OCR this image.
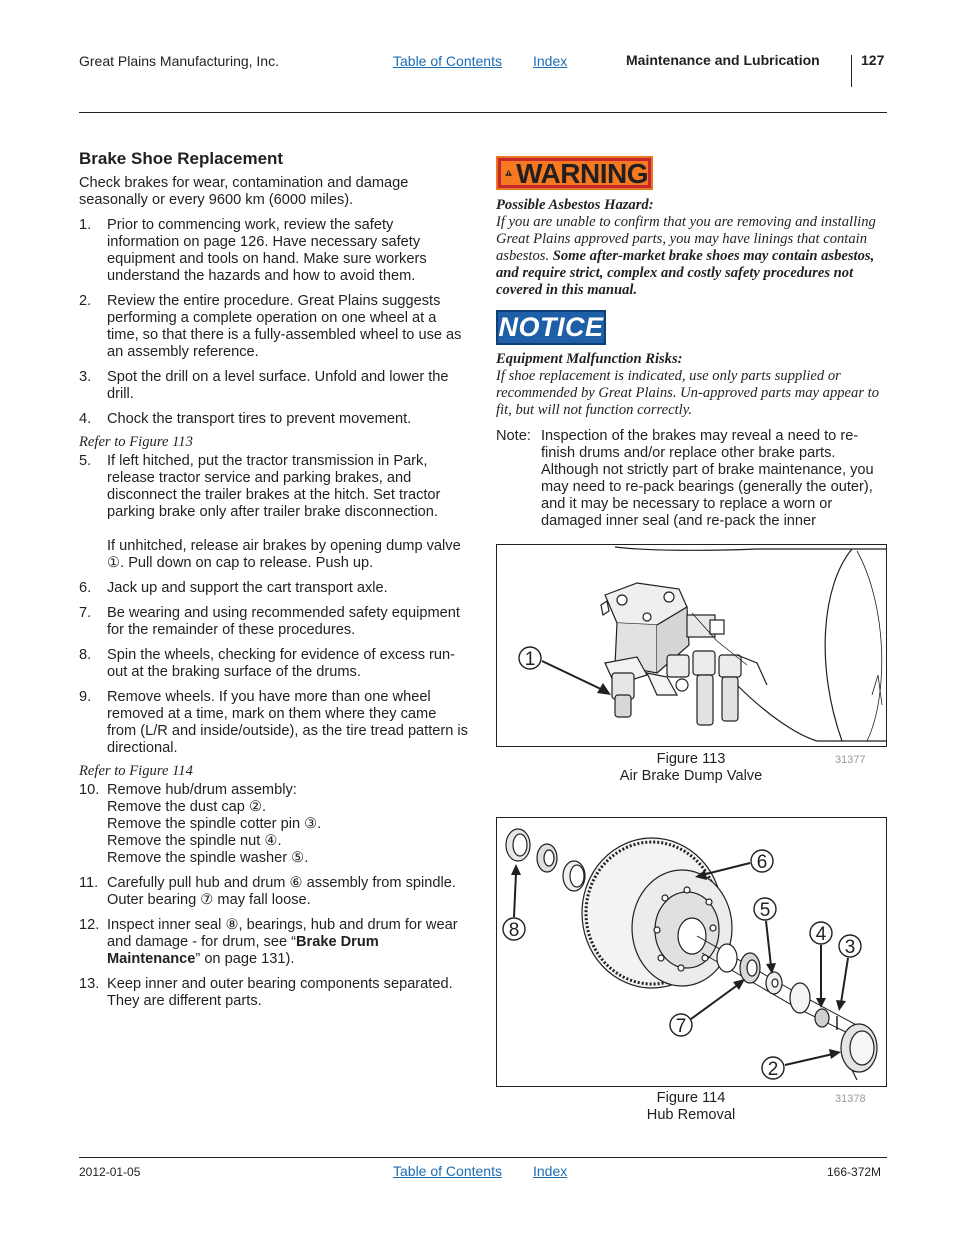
Great Plains Manufacturing, Inc.	Table of Contents Index	Maintenance and Lubrication	127
Brake Shoe Replacement

Check brakes for wear, contamination and damage seasonally or every 9600 km (6000 miles).

1. Prior to commencing work, review the safety information on page 126. Have necessary safety equipment and tools on hand. Make sure workers understand the hazards and how to avoid them.
2. Review the entire procedure. Great Plains suggests performing a complete operation on one wheel at a time, so that there is a fully-assembled wheel to use as an assembly reference.
3. Spot the drill on a level surface. Unfold and lower the drill.
4. Chock the transport tires to prevent movement.
Refer to Figure 113
5. If left hitched, put the tractor transmission in Park, release tractor service and parking brakes, and disconnect the trailer brakes at the hitch. Set tractor parking brake only after trailer brake disconnection.
If unhitched, release air brakes by opening dump valve ①. Pull down on cap to release. Push up.
6. Jack up and support the cart transport axle.
7. Be wearing and using recommended safety equipment for the remainder of these procedures.
8. Spin the wheels, checking for evidence of excess run-out at the braking surface of the drums.
9. Remove wheels. If you have more than one wheel removed at a time, mark on them where they came from (L/R and inside/outside), as the tire tread pattern is directional.
Refer to Figure 114
10. Remove hub/drum assembly:
Remove the dust cap ②.
Remove the spindle cotter pin ③.
Remove the spindle nut ④.
Remove the spindle washer ⑤.
11. Carefully pull hub and drum ⑥ assembly from spindle. Outer bearing ⑦ may fall loose.
12. Inspect inner seal ⑧, bearings, hub and drum for wear and damage - for drum, see “Brake Drum Maintenance” on page 131).
13. Keep inner and outer bearing components separated. They are different parts.
WARNING
Possible Asbestos Hazard:
If you are unable to confirm that you are removing and installing Great Plains approved parts, you may have linings that contain asbestos. Some after-market brake shoes may contain asbestos, and require strict, complex and costly safety procedures not covered in this manual.
NOTICE
Equipment Malfunction Risks:
If shoe replacement is indicated, use only parts supplied or recommended by Great Plains. Un-approved parts may appear to fit, but will not function correctly.
Note: Inspection of the brakes may reveal a need to re-finish drums and/or replace other brake parts. Although not strictly part of brake maintenance, you may need to re-pack bearings (generally the outer), and it may be necessary to replace a worn or damaged inner seal (and re-pack the inner
1
Figure 113
Air Brake Dump Valve
31377
6
5
8	4
3
7
2
Figure 114
Hub Removal
31378
2012-01-05	Table of Contents Index	166-372M
